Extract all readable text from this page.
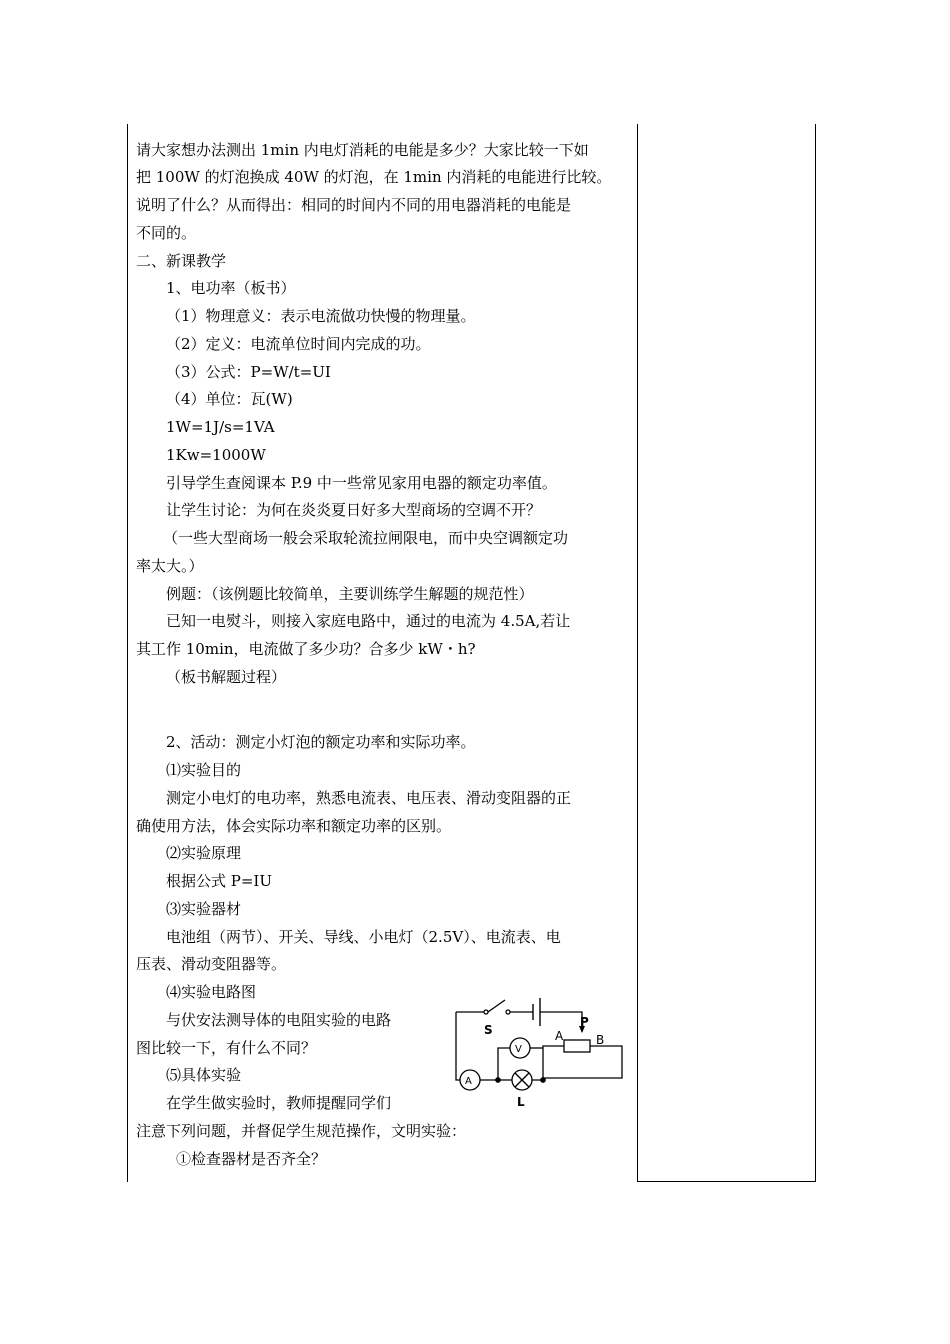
请大家想办法测出 1min 内电灯消耗的电能是多少？大家比较一下如
把 100W 的灯泡换成 40W 的灯泡，在 1min 内消耗的电能进行比较。
说明了什么？从而得出：相同的时间内不同的用电器消耗的电能是
不同的。
二、新课教学
1、电功率（板书）
（1）物理意义：表示电流做功快慢的物理量。
（2）定义：电流单位时间内完成的功。
（3）公式：P=W/t=UI
（4）单位：瓦(W)
1W=1J/s=1VA
1Kw=1000W
引导学生查阅课本 P.9 中一些常见家用电器的额定功率值。
让学生讨论：为何在炎炎夏日好多大型商场的空调不开？
（一些大型商场一般会采取轮流拉闸限电，而中央空调额定功
率太大。）
例题：（该例题比较简单，主要训练学生解题的规范性）
已知一电熨斗，则接入家庭电路中，通过的电流为 4.5A,若让
其工作 10min，电流做了多少功？合多少 kW・h?
（板书解题过程）
2、活动：测定小灯泡的额定功率和实际功率。
⑴实验目的
测定小电灯的电功率，熟悉电流表、电压表、滑动变阻器的正
确使用方法，体会实际功率和额定功率的区别。
⑵实验原理
根据公式 P=IU
⑶实验器材
电池组（两节）、开关、导线、小电灯（2.5V）、电流表、电
压表、滑动变阻器等。
⑷实验电路图
与伏安法测导体的电阻实验的电路
图比较一下，有什么不同？
⑸具体实验
在学生做实验时，教师提醒同学们
注意下列问题，并督促学生规范操作，文明实验：
①检查器材是否齐全？
S	A
P
B
V
A
L
